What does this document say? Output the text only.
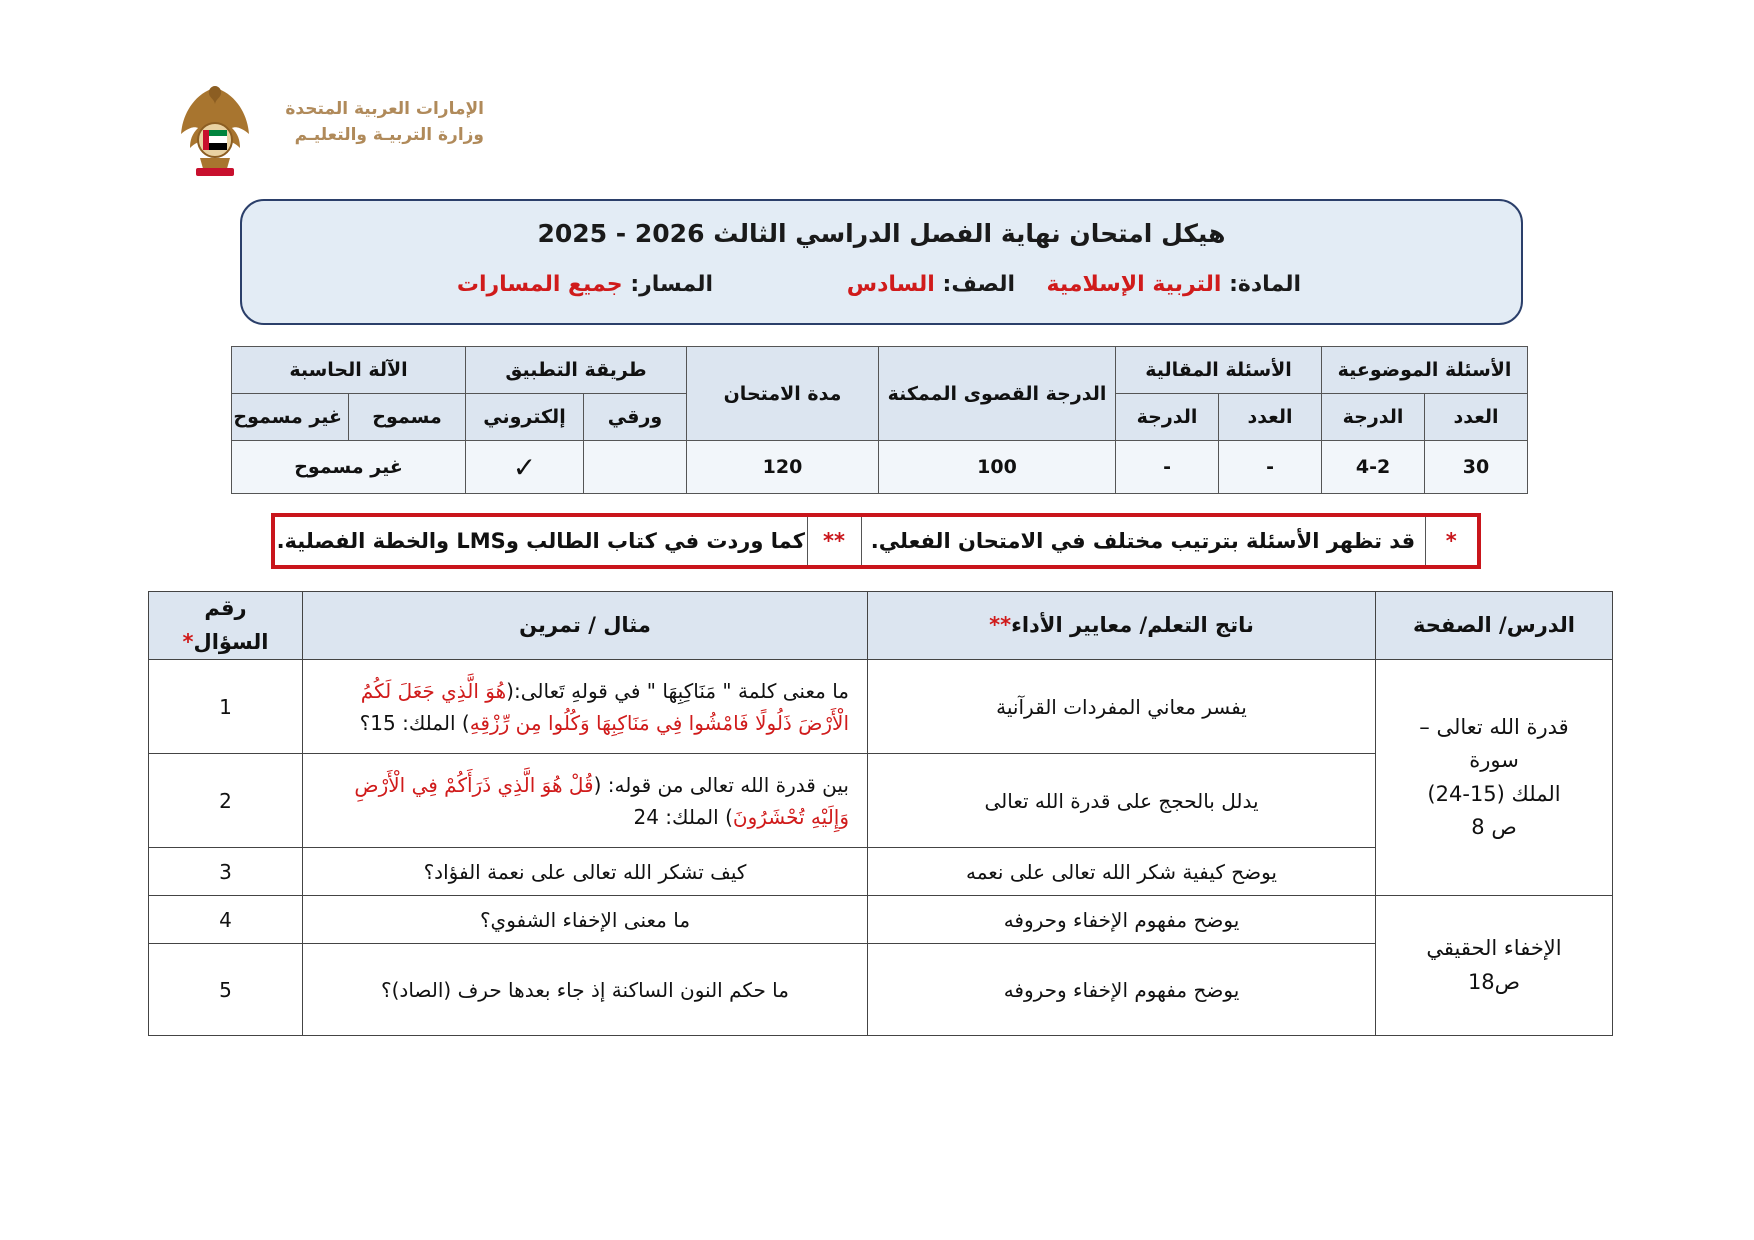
الإمارات العربية المتحدة
وزارة التربيـة والتعليـم
هيكل امتحان نهاية الفصل الدراسي الثالث 2025 - 2026
المادة: التربية الإسلامية
الصف: السادس
المسار: جميع المسارات
الأسئلة الموضوعية		الأسئلة المقالية		الدرجة القصوى الممكنة	مدة الامتحان	طريقة التطبيق		الآلة الحاسبة	
العدد	الدرجة	العدد	الدرجة			ورقي	إلكتروني	مسموح	غير مسموح
30	4-2	-	-	100	120		✓	غير مسموح	
*	قد تظهر الأسئلة بترتيب مختلف في الامتحان الفعلي.	**	كما وردت في كتاب الطالب وLMS والخطة الفصلية.
الدرس/ الصفحة	ناتج التعلم/ معايير الأداء**	مثال / تمرين	رقم السؤال*

قدرة الله تعالى – سورة
الملك (15-24)
ص 8	يفسر معاني المفردات القرآنية	ما معنى كلمة " مَنَاكِبِهَا " في قولهِ تَعالى:(هُوَ الَّذِي جَعَلَ لَكُمُ الْأَرْضَ ذَلُولًا فَامْشُوا فِي مَنَاكِبِهَا وَكُلُوا مِن رِّزْقِهِ) الملك: 15؟	1
	يدلل بالحجج على قدرة الله تعالى	بين قدرة الله تعالى من قوله: (قُلْ هُوَ الَّذِي ذَرَأَكُمْ فِي الْأَرْضِ وَإِلَيْهِ تُحْشَرُونَ) الملك: 24	2
	يوضح كيفية شكر الله تعالى على نعمه	كيف تشكر الله تعالى على نعمة الفؤاد؟	3

الإخفاء الحقيقي
ص18	يوضح مفهوم الإخفاء وحروفه	ما معنى الإخفاء الشفوي؟	4
	يوضح مفهوم الإخفاء وحروفه	ما حكم النون الساكنة إذ جاء بعدها حرف (الصاد)؟	5
